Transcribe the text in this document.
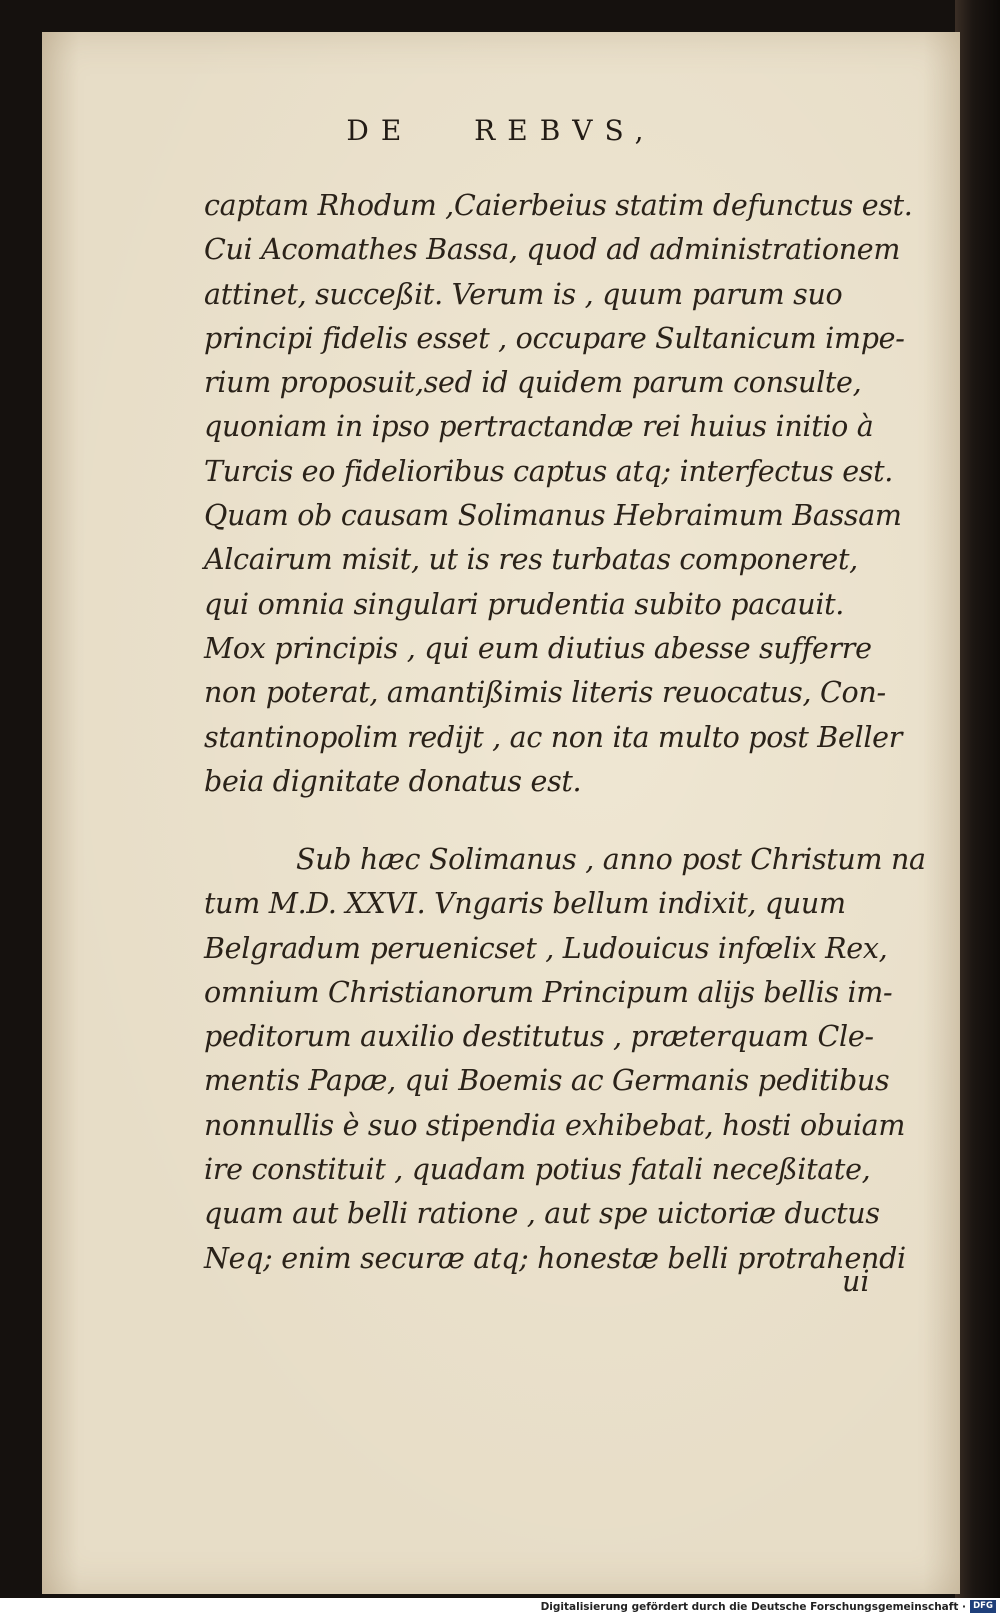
DE REBVS,
captam Rhodum ,Caierbeius statim defunctus est.
Cui Acomathes Bassa, quod ad administrationem
attinet, succeßit. Verum is , quum parum suo
principi fidelis esset , occupare Sultanicum impe-
rium proposuit,sed id quidem parum consulte,
quoniam in ipso pertractandæ rei huius initio à
Turcis eo fidelioribus captus atq; interfectus est.
Quam ob causam Solimanus Hebraimum Bassam
Alcairum misit, ut is res turbatas componeret,
qui omnia singulari prudentia subito pacauit.
Mox principis , qui eum diutius abesse sufferre
non poterat, amantißimis literis reuocatus, Con-
stantinopolim redijt , ac non ita multo post Beller
beia dignitate donatus est.
Sub hæc Solimanus , anno post Christum na
tum M.D. XXVI. Vngaris bellum indixit, quum
Belgradum perueniсset , Ludouicus infœlix Rex,
omnium Christianorum Principum alijs bellis im-
peditorum auxilio destitutus , præterquam Cle-
mentis Papæ, qui Boemis ac Germanis peditibus
nonnullis è suo stipendia exhibebat, hosti obuiam
ire constituit , quadam potius fatali neceßitate,
quam aut belli ratione , aut spe uictoriæ ductus
Neq; enim securæ atq; honestæ belli protrahendi
ui
Digitalisierung gefördert durch die Deutsche Forschungsgemeinschaft · DFG
